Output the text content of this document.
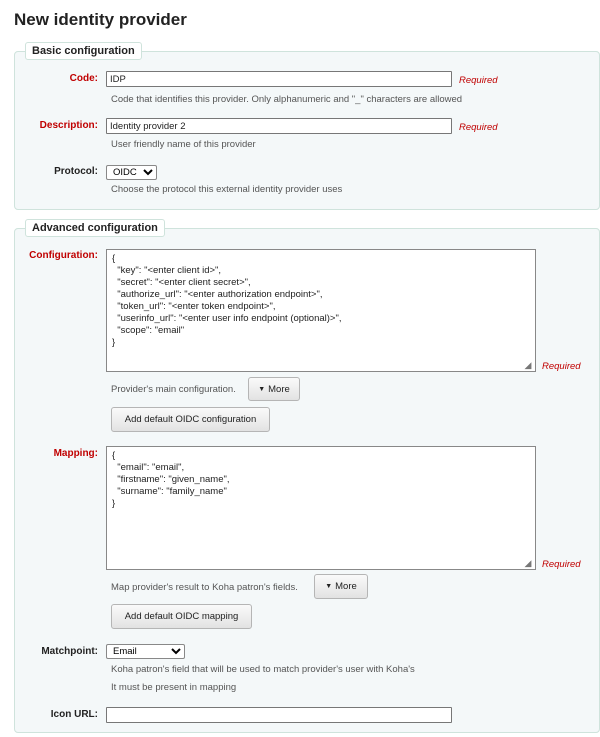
New identity provider
Basic configuration
Code:
IDP	Required
Code that identifies this provider. Only alphanumeric and "_" characters are allowed
Description:
Identity provider 2	Required
User friendly name of this provider
Protocol:
OIDC
Choose the protocol this external identity provider uses
Advanced configuration
Configuration:
{ "key": "<enter client id>", "secret": "<enter client secret>", "authorize_url": "<enter authorization endpoint>", "token_url": "<enter token endpoint>", "userinfo_url": "<enter user info endpoint (optional)>", "scope": "email" }
◢ Required
Provider's main configuration.	▼ More
Add default OIDC configuration
Mapping:
{ "email": "email", "firstname": "given_name", "surname": "family_name" }
◢ Required
Map provider's result to Koha patron's fields.	▼ More
Add default OIDC mapping
Matchpoint:
Email
Koha patron's field that will be used to match provider's user with Koha's
It must be present in mapping
Icon URL:
